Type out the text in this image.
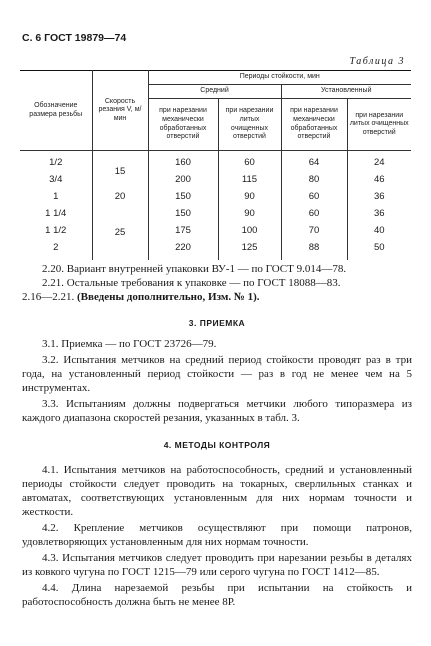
С. 6 ГОСТ 19879—74
Таблица 3
Обозначение размера резьбы	Скорость резания V, м/мин	Периоды стойкости, мин			
		Средний		Установленный	
		при нарезании механически обработанных отверстий	при нарезании литых очищенных отверстий	при нарезании механически обработанных отверстий	при нарезании литых очищенных отверстий
1/2	15	160	60	64	24
3/4		200	115	80	46
1	20	150	90	60	36
1 1/4	25	150	90	60	36
1 1/2		175	100	70	40
2		220	125	88	50

2.20. Вариант внутренней упаковки ВУ-1 — по ГОСТ 9.014—78.

2.21. Остальные требования к упаковке — по ГОСТ 18088—83.

2.16—2.21. (Введены дополнительно, Изм. № 1).

3. ПРИЕМКА

3.1. Приемка — по ГОСТ 23726—79.

3.2. Испытания метчиков на средний период стойкости проводят раз в три года, на установленный период стойкости — раз в год не менее чем на 5 инструментах.

3.3. Испытаниям должны подвергаться метчики любого типоразмера из каждого диапазона скоростей резания, указанных в табл. 3.

4. МЕТОДЫ КОНТРОЛЯ

4.1. Испытания метчиков на работоспособность, средний и установленный периоды стойкости следует проводить на токарных, сверлильных станках и автоматах, соответствующих установленным для них нормам точности и жесткости.

4.2. Крепление метчиков осуществляют при помощи патронов, удовлетворяющих установленным для них нормам точности.

4.3. Испытания метчиков следует проводить при нарезании резьбы в деталях из ковкого чугуна по ГОСТ 1215—79 или серого чугуна по ГОСТ 1412—85.

4.4. Длина нарезаемой резьбы при испытании на стойкость и работоспособность должна быть не менее 8Р.
